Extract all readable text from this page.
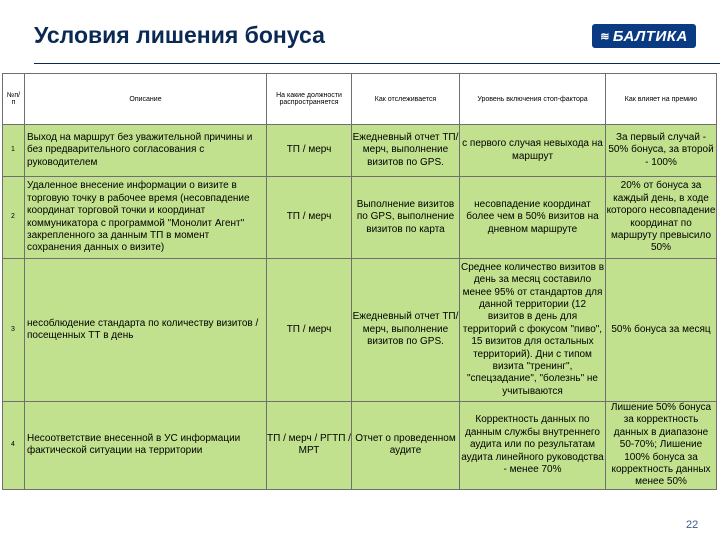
Условия лишения бонуса	≋ БАЛТИКА
№п/п	Описание	На какие должности распространяется	Как отслеживается	Уровень включения стоп-фактора	Как влияет на премию
1	Выход на маршрут без уважительной причины и без предварительного согласования с руководителем	ТП / мерч	Ежедневный отчет ТП/ мерч, выполнение визитов по GPS.	с первого случая невыхода на маршрут	За первый случай - 50% бонуса, за второй - 100%
2	Удаленное внесение информации о визите в торговую точку в рабочее время (несовпадение координат торговой точки и координат коммуникатора с программой "Монолит Агент" закрепленного за данным ТП в момент сохранения данных о визите)	ТП / мерч	Выполнение визитов по GPS, выполнение визитов по карта	несовпадение координат более чем в 50% визитов на дневном маршруте	20% от бонуса за каждый день, в ходе которого несовпадение координат по маршруту превысило 50%
3	несоблюдение стандарта по количеству визитов / посещенных ТТ в день	ТП / мерч	Ежедневный отчет ТП/ мерч, выполнение визитов по GPS.	Среднее количество визитов в день за месяц составило менее 95% от стандартов для данной территории (12 визитов в день для территорий с фокусом "пиво", 15 визитов для остальных территорий). Дни с типом визита "тренинг", "спецзадание", "болезнь" не учитываются	50% бонуса за месяц
4	Несоответствие внесенной в УС информации фактической ситуации на территории	ТП / мерч / РГТП / МРТ	Отчет о проведенном аудите	Корректность данных по данным службы внутреннего аудита или по результатам аудита линейного руководства - менее 70%	Лишение 50% бонуса за корректность данных в диапазоне 50-70%; Лишение 100% бонуса за корректность данных менее 50%
22
